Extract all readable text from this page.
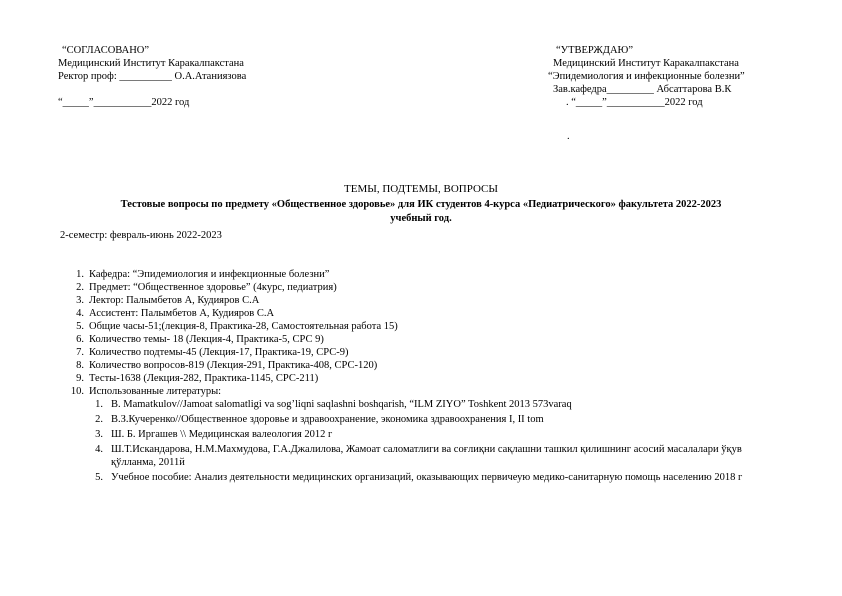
“СОГЛАСОВАНО”
Медицинский Институт Каракалпакстана
Ректор проф: __________ О.А.Атаниязова
“_____”___________2022 год
“УТВЕРЖДАЮ”
Медицинский Институт Каракалпакстана
“Эпидемиология и инфекционные болезни”
Зав.кафедра_________ Абсаттарова В.К
. “_____”___________2022 год
.
ТЕМЫ, ПОДТЕМЫ, ВОПРОСЫ
Тестовые вопросы по предмету «Общественное здоровье» для ИК студентов 4-курса «Педиатрического» факультета 2022-2023
учебный год.
2-семестр: февраль-июнь 2022-2023
1. Кафедра: “Эпидемиология и инфекционные болезни”
2. Предмет: “Общественное здоровье” (4курс, педиатрия)
3. Лектор: Палымбетов А, Кудияров С.А
4. Ассистент: Палымбетов А, Кудияров С.А
5. Общие часы-51;(лекция-8, Практика-28, Самостоятельная работа 15)
6. Количество темы- 18 (Лекция-4, Практика-5, СРС 9)
7. Количество подтемы-45 (Лекция-17, Практика-19, СРС-9)
8. Количество вопросов-819 (Лекция-291, Практика-408, СРС-120)
9. Тесты-1638 (Лекция-282, Практика-1145, СРС-211)
10. Использованные литературы:
1. B. Mamatkulov//Jamoat salomatligi va sog’liqni saqlashni boshqarish, “ILM ZIYO” Toshkent 2013 573varaq
2. В.З.Кучеренко//Общественное здоровье и здравоохранение, экономика здравоохранения I, II tom
3. Ш. Б. Иргашев \\ Медицинская валеология 2012 г
4. Ш.Т.Искандарова, Н.М.Махмудова, Г.А.Джалилова, Жамоат саломатлиги ва соғлиқни сақлашни ташкил қилишнинг асосий масалалари ўқув қўлланма, 2011й
5. Учебное пособие: Анализ деятельности медицинских организаций, оказывающих первичеую медико-санитарную помощь населению 2018 г
